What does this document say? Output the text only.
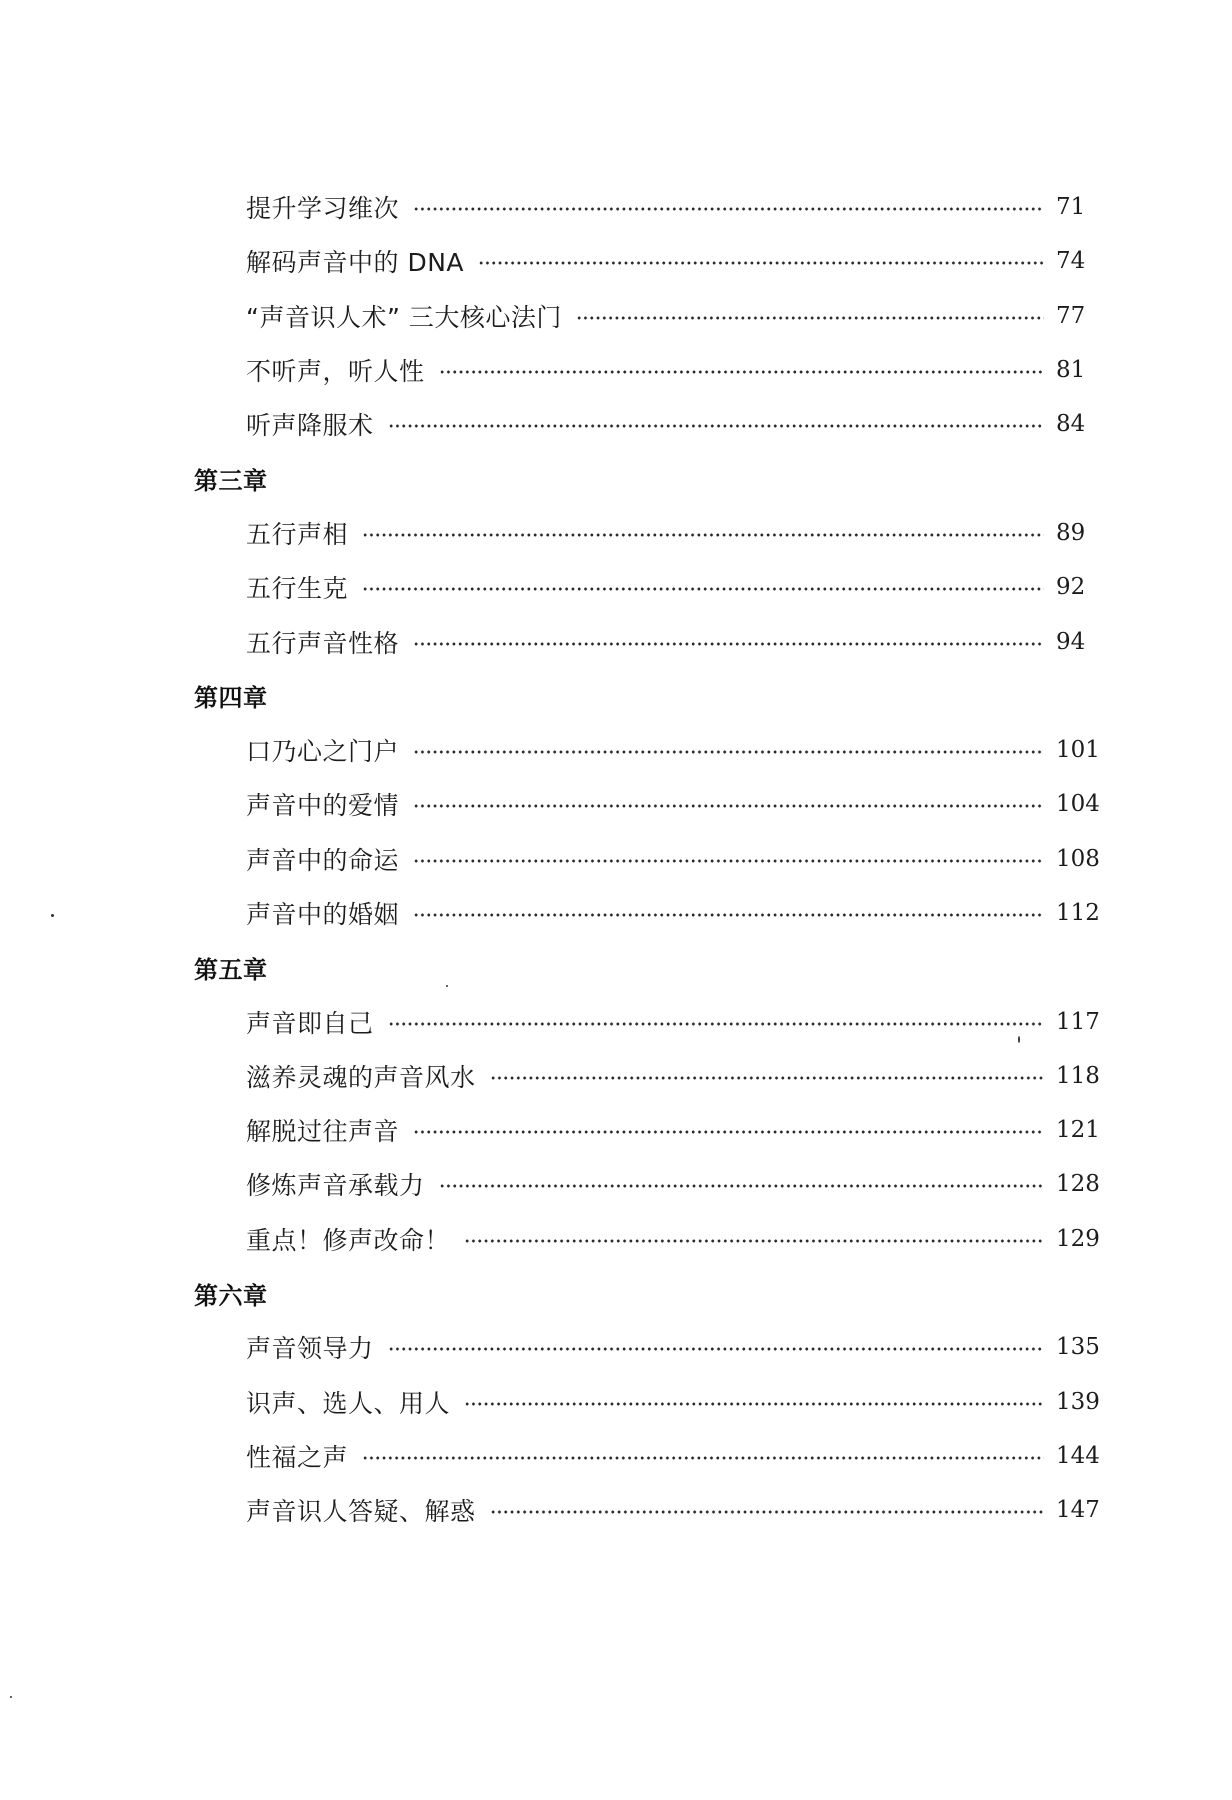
提升学习维次	71
解码声音中的 DNA	74
“声音识人术” 三大核心法门	77
不听声，听人性	81
听声降服术	84
第三章
五行声相	89
五行生克	92
五行声音性格	94
第四章
口乃心之门户	101
声音中的爱情	104
声音中的命运	108
声音中的婚姻	112
第五章
声音即自己	117
滋养灵魂的声音风水	118
解脱过往声音	121
修炼声音承载力	128
重点！修声改命！	129
第六章
声音领导力	135
识声、选人、用人	139
性福之声	144
声音识人答疑、解惑	147
